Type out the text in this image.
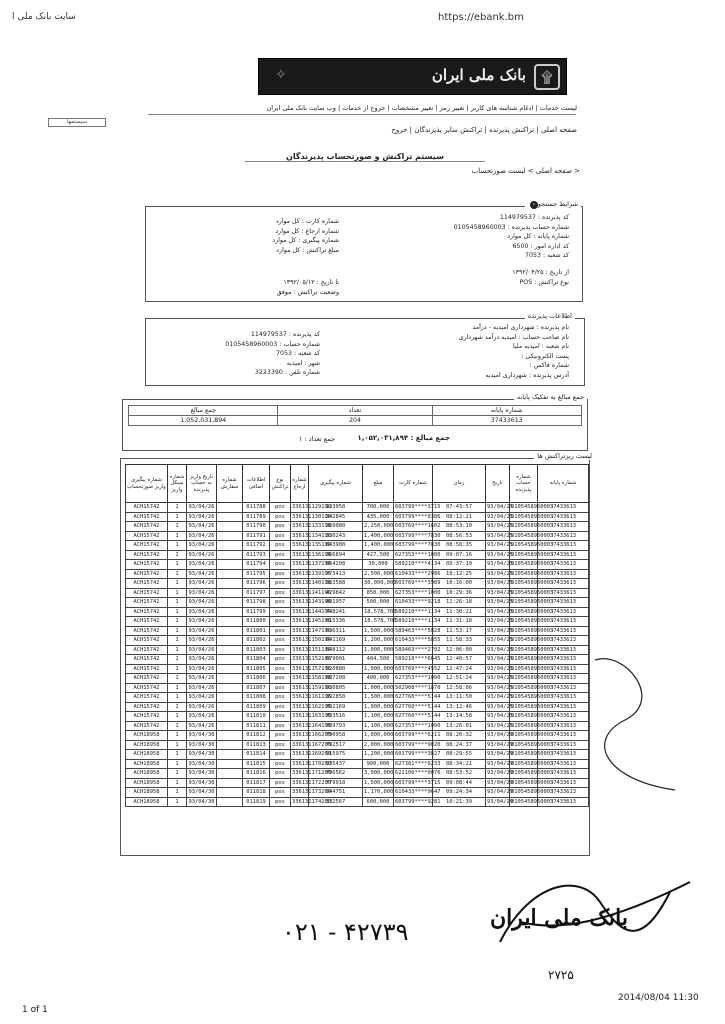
سایت بانک ملی ا	https://ebank.bm
✧	بانک ملی ایران	۩
لیست خدمات | ادغام شناسه های کاربر | تغییر رمز | تغییر مشخصات | خروج از خدمات | وب سایت بانک ملی ایران
سیستمها
صفحه اصلی | تراکنش پذیرنده | تراکنش سایر پذیرندگان | خروج
سیستم تراکنش و صورتحساب پذیرندگان
< صفحه اصلی > لیست صورتحساب
شرایط جستجو›
کد پذیرنده : 114979537
شماره حساب پذیرنده : 0105458960003
شماره پایانه : کل موارد
کد اداره امور : 6500
کد شعبه : 7053
شماره کارت : کل موارد
شماره ارجاع : کل موارد
شماره پیگیری : کل موارد
مبلغ تراکنش : کل موارد
از تاریخ : ۱۳۹۲/۰۴/۲۵
نوع تراکنش : POS
تا تاریخ : ۱۳۹۲/۰۵/۱۲
وضعیت تراکنش : موفق
اطلاعات پذیرنده
نام پذیرنده : شهرداری امیدیه - درآمد
نام صاحب حساب : امیدیه درآمد شهرداری
نام شعبه : امیدیه ملیا
پست الکترونیکی :
شماره فاکس :
آدرس پذیرنده : شهرداری امیدیه
کد پذیرنده : 114979537
شماره حساب : 0105458960003
کد شعبه : 7053
شهر : امیدیه
شماره تلفن : 3223390
جمع مبالغ به تفکیک پایانه
جمع مبالغ	تعداد	شماره پایانه
1,052,031,894	204	37433613
جمع مبالغ : ۱,۰۵۲,۰۳۱,۸۹۴
جمع تعداد : ۱
لیست ریزتراکنش ها
شماره پیگیری واریز صورتحساب	شماره سیکل واریز	تاریخ واریز به حساب پذیرنده	شماره سفارش	اطلاعات اضافی	نوع تراکنش	شماره ارجاع	شماره پیگیری	مبلغ	شماره کارت	زمان	تاریخ	شماره حساب پذیرنده	شماره پایانه
ACH15742	1	93/04/26		011788	pos	336131129196	133058	700,000	603799****3715	07:43:57	93/04/25	0105458960003	37433613
ACH15742	1	93/04/26		011789	pos	336131130196	342845	435,000	603799****0386	08:12:21	93/04/25	0105458960003	37433613
ACH15742	1	93/04/26		011790	pos	336131133196	369080	2,250,000	603769****1602	08:53:10	93/04/25	0105458960003	37433613
ACH15742	1	93/04/26		011791	pos	336131134196	330243	1,400,000	603799****7830	08:56:53	93/04/25	0105458960003	37433613
ACH15742	1	93/04/26		011792	pos	336131135196	643908	1,400,000	603799****7830	08:58:35	93/04/25	0105458960003	37433613
ACH15742	1	93/04/26		011793	pos	336131136196	366894	427,500	627353****1000	09:07:16	93/04/25	0105458960003	37433613
ACH15742	1	93/04/26		011794	pos	336131137196	664208	30,000	589210****4134	09:37:19	93/04/25	0105458960003	37433613
ACH15742	1	93/04/26		011795	pos	336131139196	773413	2,500,000	610433****2986	10:12:25	93/04/25	0105458960003	37433613
ACH15742	1	93/04/26		011796	pos	336131140196	383588	30,000,000	603769****3989	10:16:00	93/04/25	0105458960003	37433613
ACH15742	1	93/04/26		011797	pos	336131141196	429842	850,000	627353****1000	10:29:36	93/04/25	0105458960003	37433613
ACH15742	1	93/04/26		011798	pos	336131143196	481957	500,000	610433****9218	11:26:18	93/04/25	0105458960003	37433613
ACH15742	1	93/04/26		011799	pos	336131144196	748241	18,578,700	589210****1134	11:30:21	93/04/25	0105458960003	37433613
ACH15742	1	93/04/26		011800	pos	336131145196	615336	18,578,700	589210****1134	11:31:18	93/04/25	0105458960003	37433613
ACH15742	1	93/04/26		011801	pos	336131147196	636311	1,500,000	589463****5828	11:53:17	93/04/25	0105458960003	37433613
ACH15742	1	93/04/26		011802	pos	336131150196	641169	1,200,000	610433****5855	11:58:33	93/04/25	0105458960003	37433613
ACH15742	1	93/04/26		011803	pos	336131151196	648112	1,000,000	589463****2702	12:06:00	93/04/25	0105458960003	37433613
ACH15742	1	93/04/26		011804	pos	336131152196	679001	484,500	589210****6645	12:40:57	93/04/25	0105458960003	37433613
ACH15742	1	93/04/26		011805	pos	336131157196	520880	1,000,000	603769****4552	12:47:24	93/04/25	0105458960003	37433613
ACH15742	1	93/04/26		011806	pos	336131158196	687208	400,000	627353****1000	12:51:24	93/04/25	0105458960003	37433613
ACH15742	1	93/04/26		011807	pos	336131159196	930805	1,000,000	502908****1870	12:58:06	93/04/25	0105458960003	37433613
ACH15742	1	93/04/26		011808	pos	336131161196	392850	1,500,000	627760****5144	13:11:50	93/04/25	0105458960003	37433613
ACH15742	1	93/04/26		011809	pos	336131162196	702169	1,000,000	627760****5144	13:12:46	93/04/25	0105458960003	37433613
ACH15742	1	93/04/26		011810	pos	336131163196	703516	1,100,000	627760****5144	13:14:58	93/04/25	0105458960003	37433613
ACH15742	1	93/04/26		011811	pos	336131164196	709793	1,100,000	627353****1000	13:26:01	93/04/25	0105458960003	37433613
ACH18958	1	93/04/30		011812	pos	336131166200	790958	1,000,000	603799****6211	08:20:32	93/04/29	0105458960003	37433613
ACH18958	1	93/04/30		011813	pos	336131167200	792517	2,000,000	603799****9020	08:24:37	93/04/29	0105458960003	37433613
ACH18958	1	93/04/30		011814	pos	336131169200	915975	1,200,000	603799****3827	08:29:55	93/04/29	0105458960003	37433613
ACH18958	1	93/04/30		011815	pos	336131170200	935437	900,000	627381****6233	08:34:21	93/04/29	0105458960003	37433613
ACH18958	1	93/04/30		011816	pos	336131171200	796562	3,000,000	622106****0076	08:53:52	93/04/29	0105458960003	37433613
ACH18958	1	93/04/30		011817	pos	336131172200	779918	1,500,000	603799****3715	09:08:44	93/04/29	0105458960003	37433613
ACH18958	1	93/04/30		011818	pos	336131173200	944751	1,170,000	610433****9647	09:24:34	93/04/29	0105458960003	37433613
ACH18958	1	93/04/30		011819	pos	336131174200	332567	600,000	603799****9281	10:21:39	93/04/29	0105458960003	37433613
۰۲۱ - ۴۲۷۳۹	بانک ملی ایران
۲۷۲۵
1 of 1
2014/08/04 11:30
